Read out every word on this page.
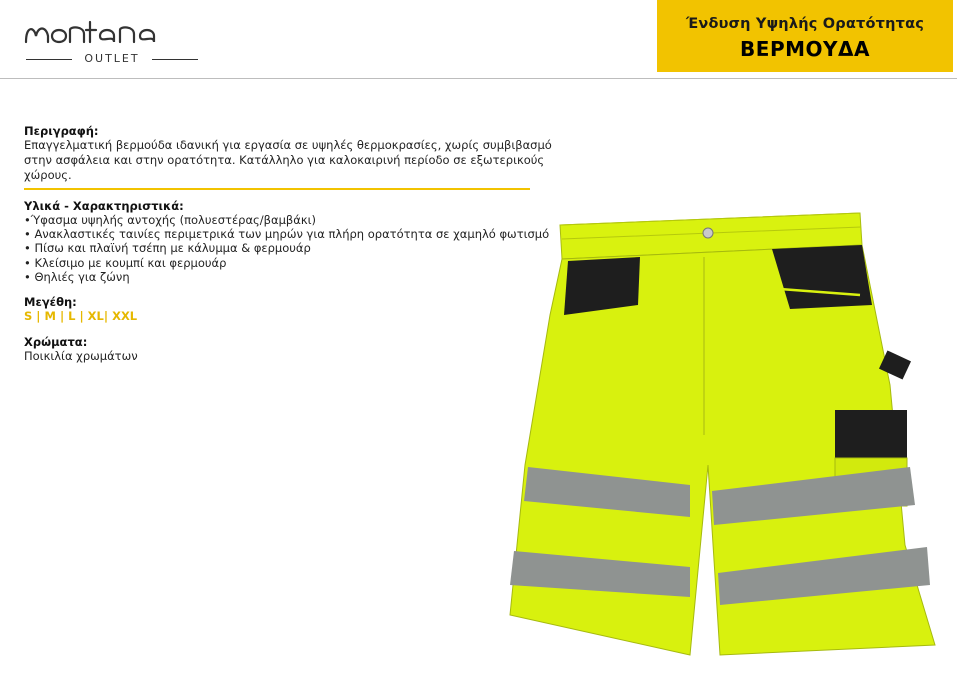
OUTLET
Ένδυση Υψηλής Ορατότητας
ΒΕΡΜΟΥΔΑ
Περιγραφή:
Επαγγελματική βερμούδα ιδανική για εργασία σε υψηλές θερμοκρασίες, χωρίς συμβιβασμό
στην ασφάλεια και στην ορατότητα. Κατάλληλο για καλοκαιρινή περίοδο σε εξωτερικούς χώρους.
Υλικά - Χαρακτηριστικά:
•Ύφασμα υψηλής αντοχής (πολυεστέρας/βαμβάκι)
• Ανακλαστικές ταινίες περιμετρικά των μηρών για πλήρη ορατότητα σε χαμηλό φωτισμό
• Πίσω και πλαϊνή τσέπη με κάλυμμα & φερμουάρ
• Κλείσιμο με κουμπί και φερμουάρ
• Θηλιές για ζώνη
Μεγέθη:
S | M | L | XL| XXL
Χρώματα:
Ποικιλία χρωμάτων
